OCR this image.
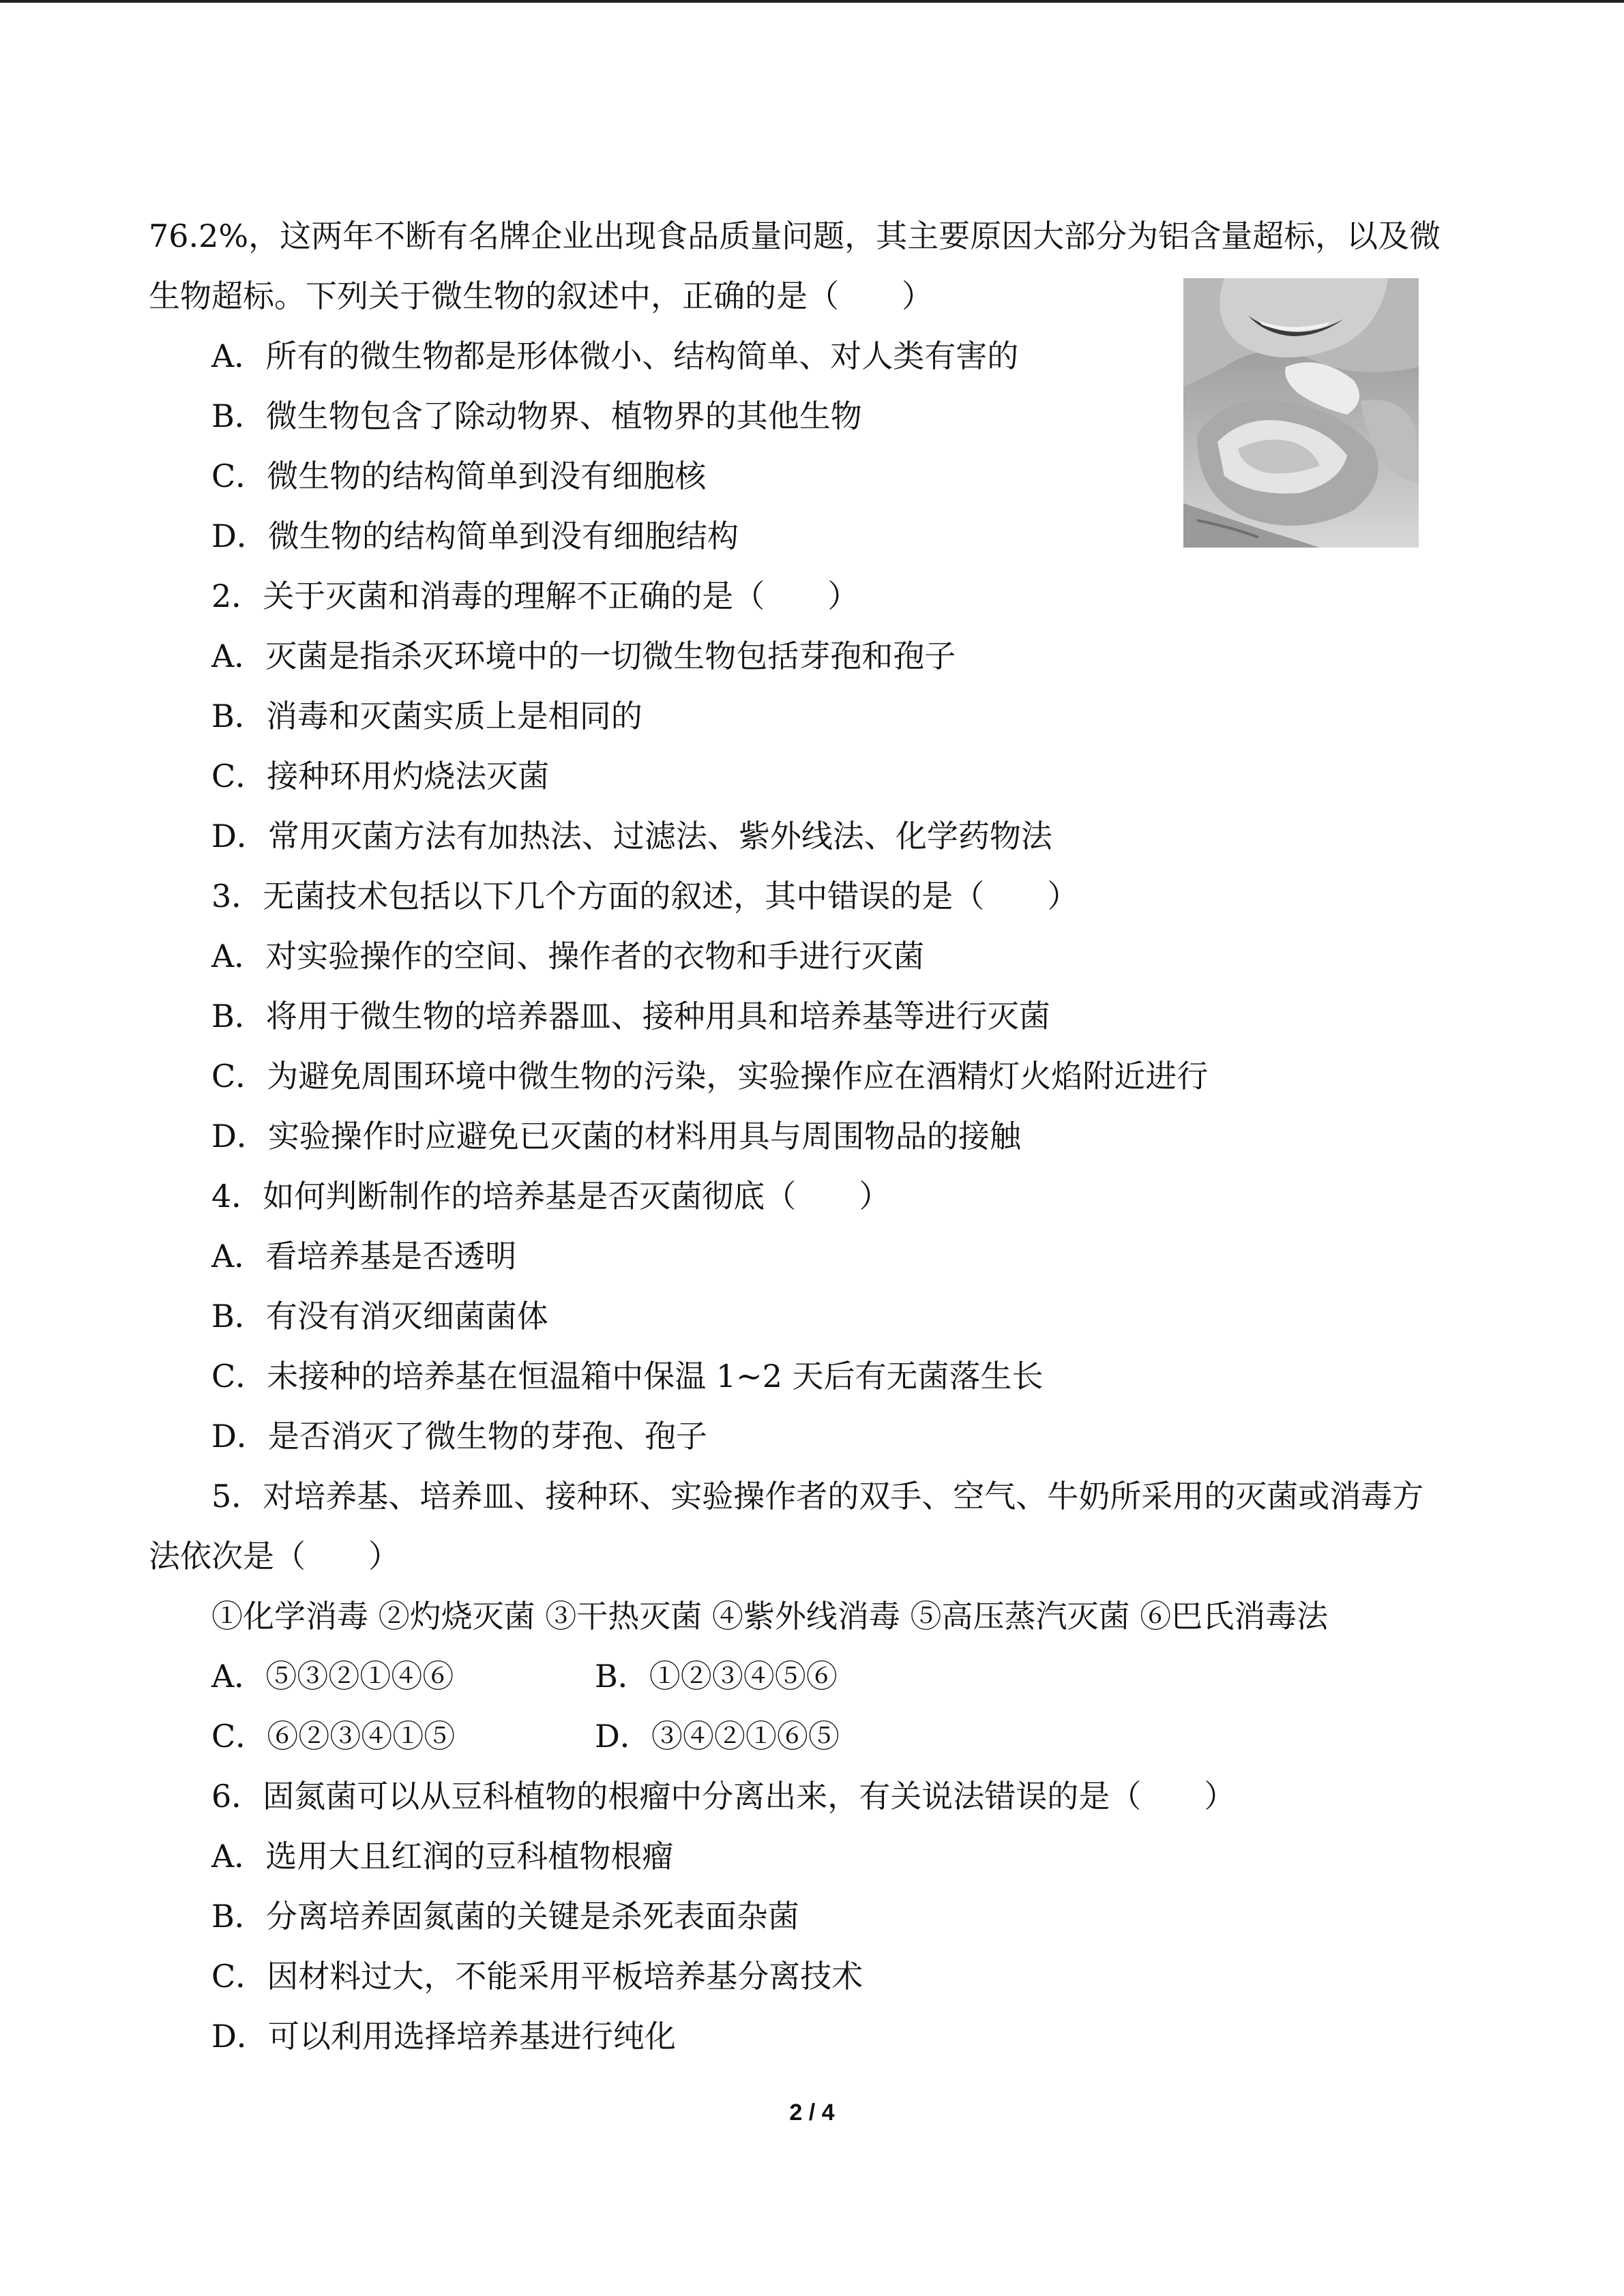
76.2%，这两年不断有名牌企业出现食品质量问题，其主要原因大部分为铝含量超标，以及微
生物超标。下列关于微生物的叙述中，正确的是（　　）
A．所有的微生物都是形体微小、结构简单、对人类有害的
B．微生物包含了除动物界、植物界的其他生物
C．微生物的结构简单到没有细胞核
D．微生物的结构简单到没有细胞结构
2．关于灭菌和消毒的理解不正确的是（　　）
A．灭菌是指杀灭环境中的一切微生物包括芽孢和孢子
B．消毒和灭菌实质上是相同的
C．接种环用灼烧法灭菌
D．常用灭菌方法有加热法、过滤法、紫外线法、化学药物法
3．无菌技术包括以下几个方面的叙述，其中错误的是（　　）
A．对实验操作的空间、操作者的衣物和手进行灭菌
B．将用于微生物的培养器皿、接种用具和培养基等进行灭菌
C．为避免周围环境中微生物的污染，实验操作应在酒精灯火焰附近进行
D．实验操作时应避免已灭菌的材料用具与周围物品的接触
4．如何判断制作的培养基是否灭菌彻底（　　）
A．看培养基是否透明
B．有没有消灭细菌菌体
C．未接种的培养基在恒温箱中保温 1~2 天后有无菌落生长
D．是否消灭了微生物的芽孢、孢子
5．对培养基、培养皿、接种环、实验操作者的双手、空气、牛奶所采用的灭菌或消毒方
法依次是（　　）
①化学消毒 ②灼烧灭菌 ③干热灭菌 ④紫外线消毒 ⑤高压蒸汽灭菌 ⑥巴氏消毒法
A．⑤③②①④⑥	B．①②③④⑤⑥
C．⑥②③④①⑤	D．③④②①⑥⑤
6．固氮菌可以从豆科植物的根瘤中分离出来，有关说法错误的是（　　）
A．选用大且红润的豆科植物根瘤
B．分离培养固氮菌的关键是杀死表面杂菌
C．因材料过大，不能采用平板培养基分离技术
D．可以利用选择培养基进行纯化
2 / 4
